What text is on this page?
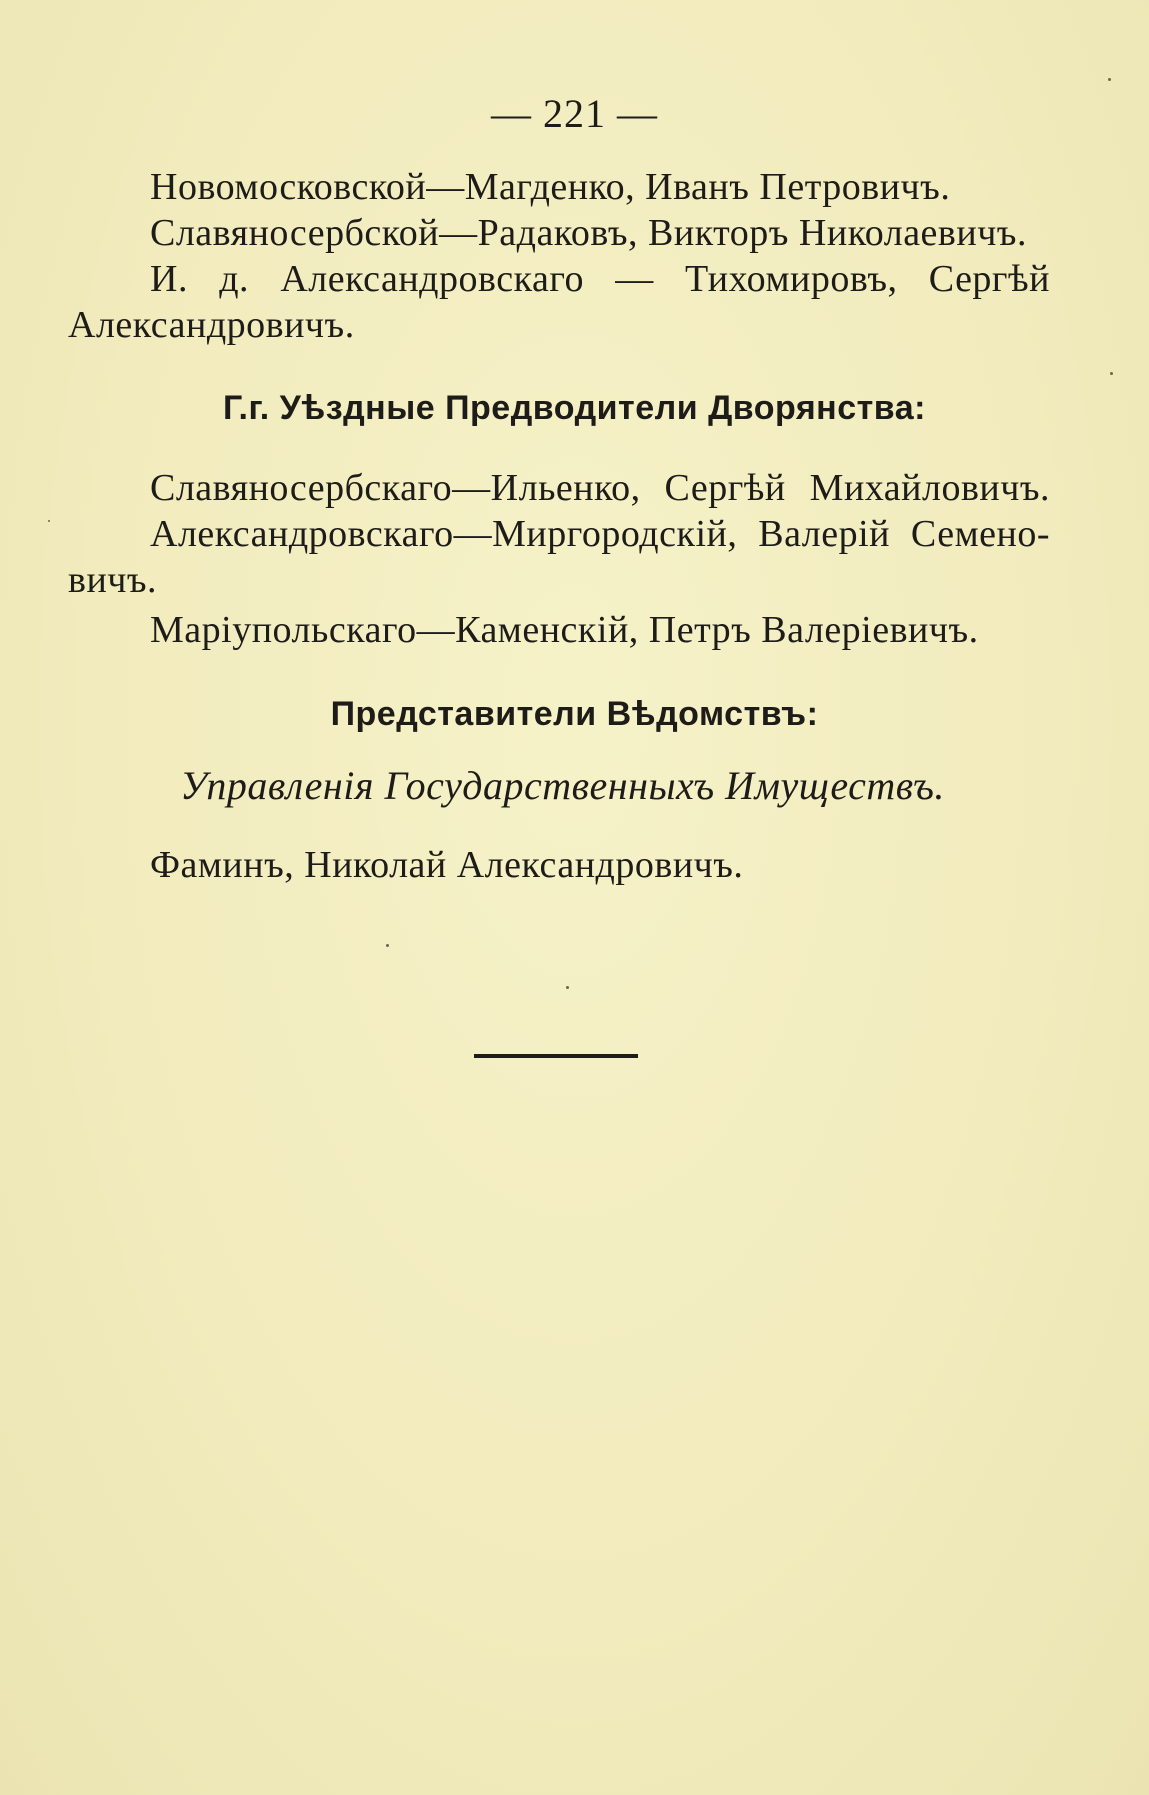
— 221 —
Новомосковской—Магденко, Иванъ Петровичъ.
Славяносербской—Радаковъ, Викторъ Николаевичъ.
И. д. Александровскаго — Тихомировъ, Сергѣй
Александровичъ.
Г.г. Уѣздные Предводители Дворянства:
Славяносербскаго—Ильенко, Сергѣй Михайловичъ.
Александровскаго—Миргородскій, Валерій Семено-
вичъ.
Маріупольскаго—Каменскій, Петръ Валеріевичъ.
Представители Вѣдомствъ:
Управленія Государственныхъ Имуществъ.
Фаминъ, Николай Александровичъ.
